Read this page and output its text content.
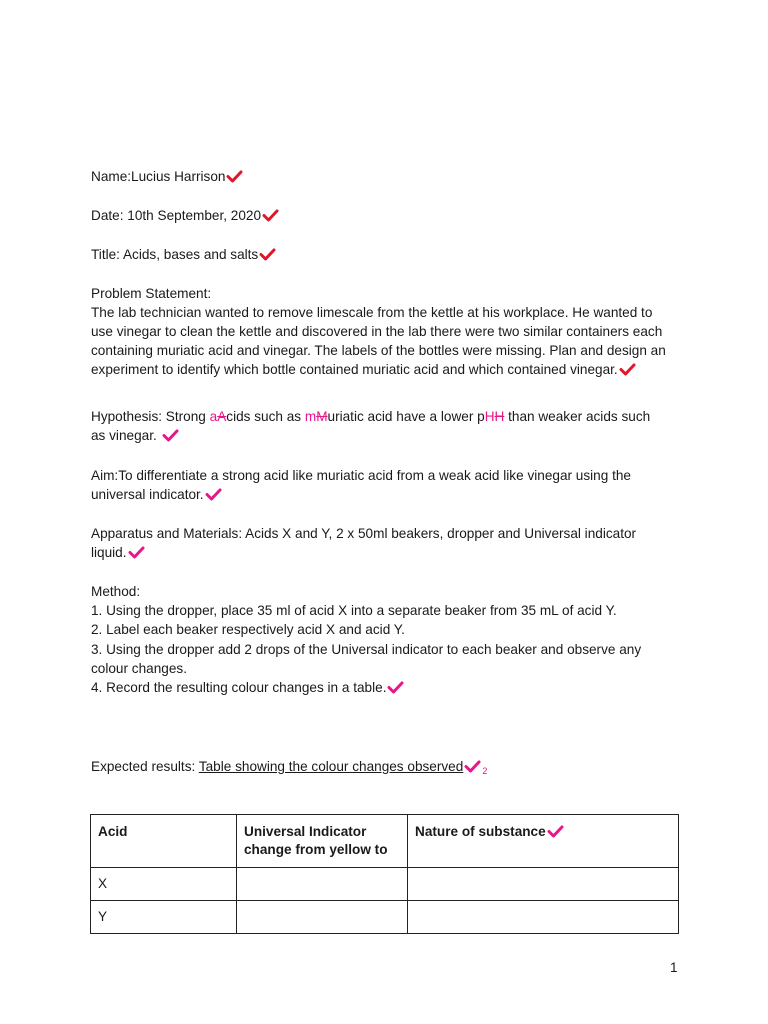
Name:Lucius Harrison
Date: 10th September, 2020
Title: Acids, bases and salts
Problem Statement:
The lab technician wanted to remove limescale from the kettle at his workplace. He wanted to
use vinegar to clean the kettle and discovered in the lab there were two similar containers each
containing muriatic acid and vinegar. The labels of the bottles were missing. Plan and design an
experiment to identify which bottle contained muriatic acid and which contained vinegar.
Hypothesis: Strong aAcids such as mMuriatic acid have a lower pHH than weaker acids such
as vinegar.
Aim:To differentiate a strong acid like muriatic acid from a weak acid like vinegar using the
universal indicator.
Apparatus and Materials: Acids X and Y, 2 x 50ml beakers, dropper and Universal indicator
liquid.
Method:
1. Using the dropper, place 35 ml of acid X into a separate beaker from 35 mL of acid Y.
2. Label each beaker respectively acid X and acid Y.
3. Using the dropper add 2 drops of the Universal indicator to each beaker and observe any
colour changes.
4. Record the resulting colour changes in a table.
Expected results: Table showing the colour changes observed $_2$
Acid	Universal Indicator change from yellow to	Nature of substance
X		
Y		
1
